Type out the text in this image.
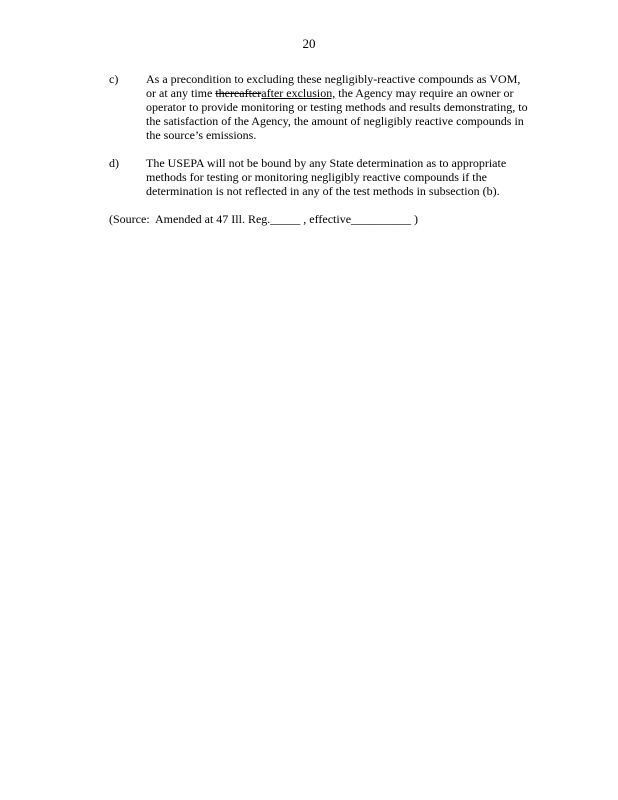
20
c) As a precondition to excluding these negligibly-reactive compounds as VOM, or at any time thereafterafter exclusion, the Agency may require an owner or operator to provide monitoring or testing methods and results demonstrating, to the satisfaction of the Agency, the amount of negligibly reactive compounds in the source’s emissions.
d) The USEPA will not be bound by any State determination as to appropriate methods for testing or monitoring negligibly reactive compounds if the determination is not reflected in any of the test methods in subsection (b).
(Source:  Amended at 47 Ill. Reg._____ , effective__________ )
